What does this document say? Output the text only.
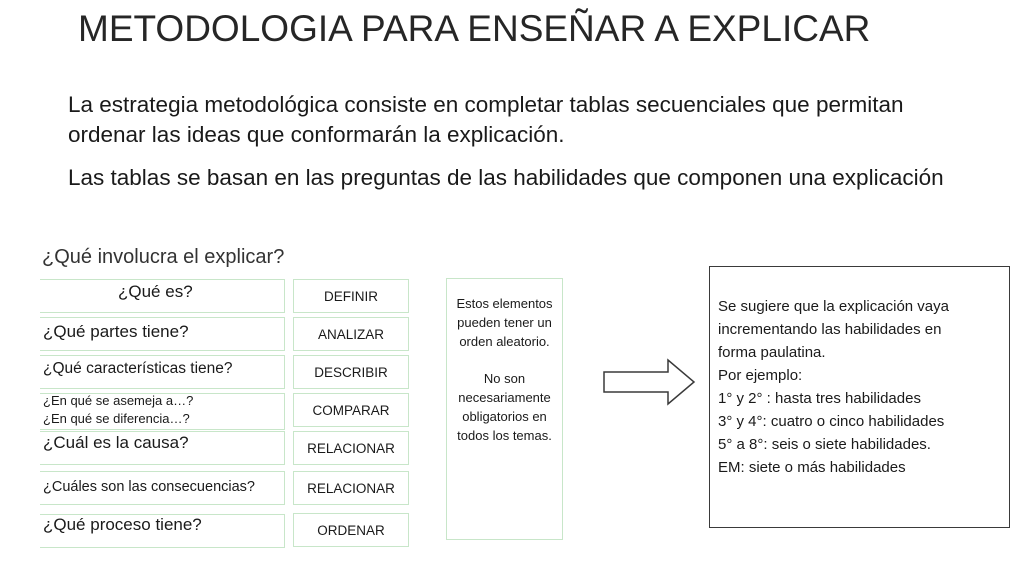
METODOLOGIA PARA ENSEÑAR A EXPLICAR
La estrategia metodológica consiste en completar tablas secuenciales que permitan ordenar las ideas que conformarán la explicación.
Las tablas se basan en las preguntas de las habilidades que componen una explicación
¿Qué involucra el explicar?
¿Qué es?
¿Qué partes tiene?
¿Qué características tiene?
¿En qué se asemeja a…?
¿En qué se diferencia…?
¿Cuál es la causa?
¿Cuáles son las consecuencias?
¿Qué proceso tiene?
DEFINIR
ANALIZAR
DESCRIBIR
COMPARAR
RELACIONAR
RELACIONAR
ORDENAR

Estos elementos pueden tener un orden aleatorio.

No son necesariamente obligatorios en todos los temas.

Se sugiere que la explicación vaya
incrementando las habilidades en
forma paulatina.
Por ejemplo:
1° y 2° : hasta tres habilidades
3° y 4°: cuatro o cinco habilidades
5° a 8°: seis o siete habilidades.
EM: siete o más habilidades
